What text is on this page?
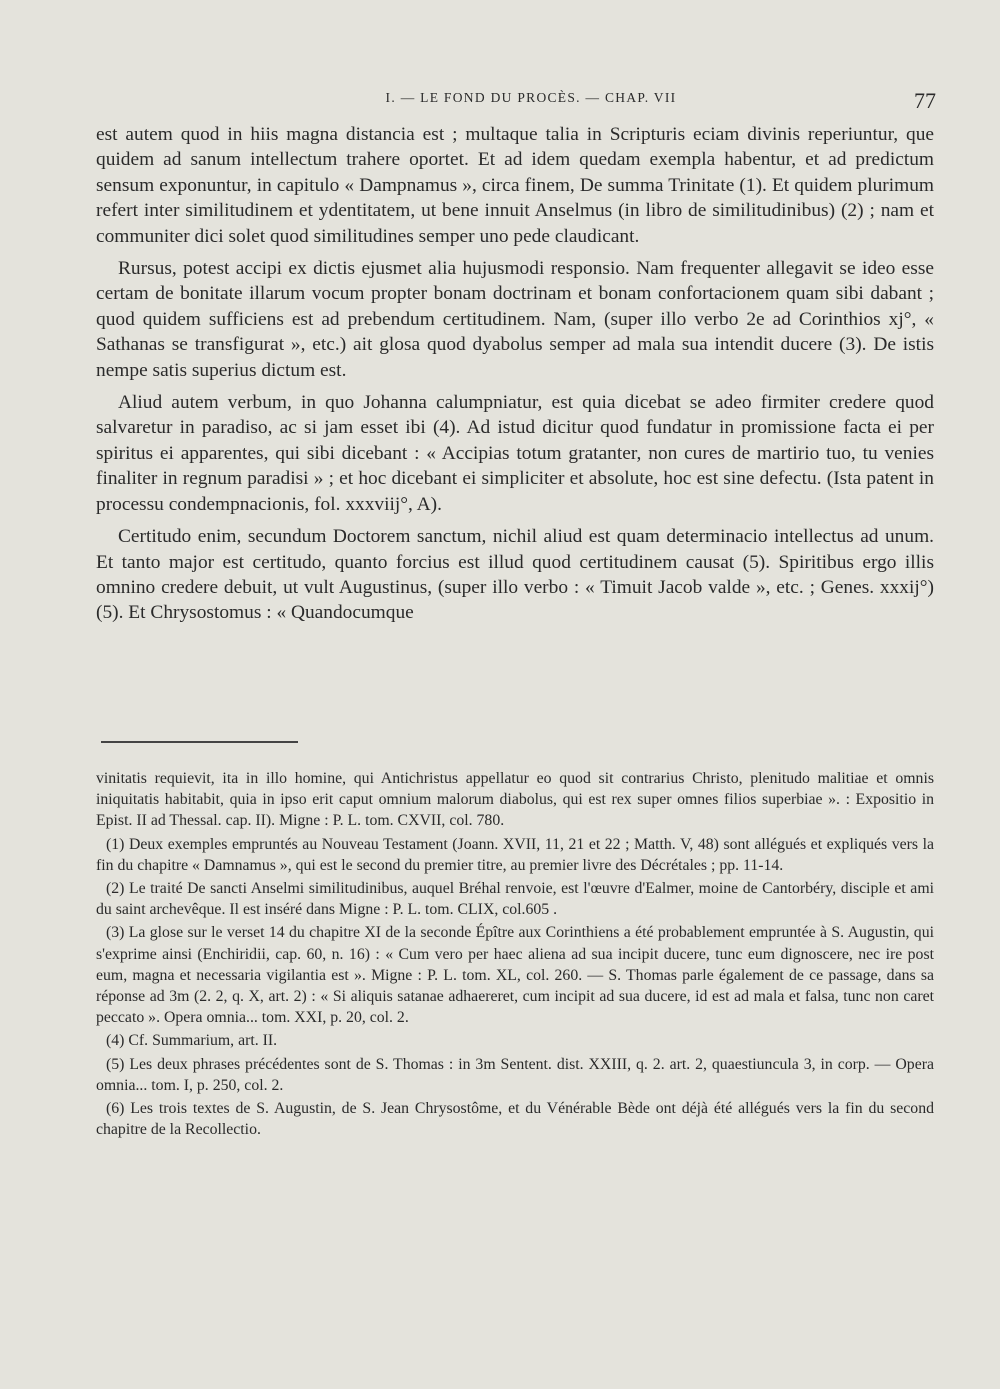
I. — LE FOND DU PROCÈS. — CHAP. VII	77

est autem quod in hiis magna distancia est ; multaque talia in Scripturis eciam divinis reperiuntur, que quidem ad sanum intellectum trahere oportet. Et ad idem quedam exempla habentur, et ad predictum sensum exponuntur, in capitulo « Dampnamus », circa finem, De summa Trinitate (1). Et quidem plurimum refert inter similitudinem et ydentitatem, ut bene innuit Anselmus (in libro de similitudinibus) (2) ; nam et communiter dici solet quod similitudines semper uno pede claudicant.

Rursus, potest accipi ex dictis ejusmet alia hujusmodi responsio. Nam frequenter allegavit se ideo esse certam de bonitate illarum vocum propter bonam doctrinam et bonam confortacionem quam sibi dabant ; quod quidem sufficiens est ad prebendum certitudinem. Nam, (super illo verbo 2e ad Corinthios xj°, « Sathanas se transfigurat », etc.) ait glosa quod dyabolus semper ad mala sua intendit ducere (3). De istis nempe satis superius dictum est.

Aliud autem verbum, in quo Johanna calumpniatur, est quia dicebat se adeo firmiter credere quod salvaretur in paradiso, ac si jam esset ibi (4). Ad istud dicitur quod fundatur in promissione facta ei per spiritus ei apparentes, qui sibi dicebant : « Accipias totum gratanter, non cures de martirio tuo, tu venies finaliter in regnum paradisi » ; et hoc dicebant ei simpliciter et absolute, hoc est sine defectu. (Ista patent in processu condempnacionis, fol. xxxviij°, A).

Certitudo enim, secundum Doctorem sanctum, nichil aliud est quam determinacio intellectus ad unum. Et tanto major est certitudo, quanto forcius est illud quod certitudinem causat (5). Spiritibus ergo illis omnino credere debuit, ut vult Augustinus, (super illo verbo : « Timuit Jacob valde », etc. ; Genes. xxxij°) (5). Et Chrysostomus : « Quandocumque

vinitatis requievit, ita in illo homine, qui Antichristus appellatur eo quod sit contrarius Christo, plenitudo malitiae et omnis iniquitatis habitabit, quia in ipso erit caput omnium malorum diabolus, qui est rex super omnes filios superbiae ». : Expositio in Epist. II ad Thessal. cap. II). Migne : P. L. tom. CXVII, col. 780.

(1) Deux exemples empruntés au Nouveau Testament (Joann. XVII, 11, 21 et 22 ; Matth. V, 48) sont allégués et expliqués vers la fin du chapitre « Damnamus », qui est le second du premier titre, au premier livre des Décrétales ; pp. 11-14.

(2) Le traité De sancti Anselmi similitudinibus, auquel Bréhal renvoie, est l'œuvre d'Ealmer, moine de Cantorbéry, disciple et ami du saint archevêque. Il est inséré dans Migne : P. L. tom. CLIX, col.605 .

(3) La glose sur le verset 14 du chapitre XI de la seconde Épître aux Corinthiens a été probablement empruntée à S. Augustin, qui s'exprime ainsi (Enchiridii, cap. 60, n. 16) : « Cum vero per haec aliena ad sua incipit ducere, tunc eum dignoscere, nec ire post eum, magna et necessaria vigilantia est ». Migne : P. L. tom. XL, col. 260. — S. Thomas parle également de ce passage, dans sa réponse ad 3m (2. 2, q. X, art. 2) : « Si aliquis satanae adhaereret, cum incipit ad sua ducere, id est ad mala et falsa, tunc non caret peccato ». Opera omnia... tom. XXI, p. 20, col. 2.

(4) Cf. Summarium, art. II.

(5) Les deux phrases précédentes sont de S. Thomas : in 3m Sentent. dist. XXIII, q. 2. art. 2, quaestiuncula 3, in corp. — Opera omnia... tom. I, p. 250, col. 2.

(6) Les trois textes de S. Augustin, de S. Jean Chrysostôme, et du Vénérable Bède ont déjà été allégués vers la fin du second chapitre de la Recollectio.
